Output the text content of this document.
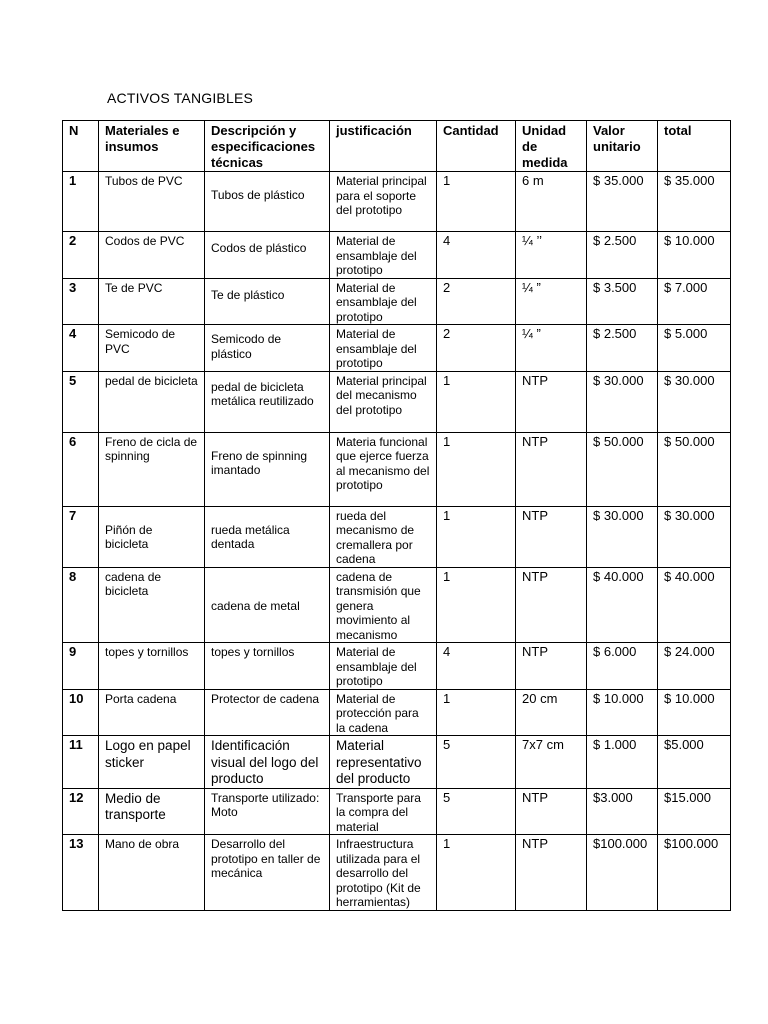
ACTIVOS TANGIBLES
N	Materiales e insumos	Descripción y especificaciones técnicas	justificación	Cantidad	Unidad de medida	Valor unitario	total
1	Tubos de PVC	Tubos de plástico	Material principal para el soporte del prototipo	1	6 m	$ 35.000	$ 35.000
2	Codos de PVC	Codos de plástico	Material de ensamblaje del prototipo	4	¼ ’’	$ 2.500	$ 10.000
3	Te de PVC	Te de plástico	Material de ensamblaje del prototipo	2	¼ ”	$ 3.500	$ 7.000
4	Semicodo de PVC	Semicodo de plástico	Material de ensamblaje del prototipo	2	¼ ”	$ 2.500	$ 5.000
5	pedal de bicicleta	pedal de bicicleta metálica reutilizado	Material principal del mecanismo del prototipo	1	NTP	$ 30.000	$ 30.000
6	Freno de cicla de spinning	Freno de spinning imantado	Materia funcional que ejerce fuerza al mecanismo del prototipo	1	NTP	$ 50.000	$ 50.000
7	Piñón de bicicleta	rueda metálica dentada	rueda del mecanismo de cremallera por cadena	1	NTP	$ 30.000	$ 30.000
8	cadena de bicicleta	cadena de metal	cadena de transmisión que genera movimiento al mecanismo	1	NTP	$ 40.000	$ 40.000
9	topes y tornillos	topes y tornillos	Material de ensamblaje del prototipo	4	NTP	$ 6.000	$ 24.000
10	Porta cadena	Protector de cadena	Material de protección para la cadena	1	20 cm	$ 10.000	$ 10.000
11	Logo en papel sticker	Identificación visual del logo del producto	Material representativo del producto	5	7x7 cm	$ 1.000	$5.000
12	Medio de transporte	Transporte utilizado: Moto	Transporte para la compra del material	5	NTP	$3.000	$15.000
13	Mano de obra	Desarrollo del prototipo en taller de mecánica	Infraestructura utilizada para el desarrollo del prototipo (Kit de herramientas)	1	NTP	$100.000	$100.000
